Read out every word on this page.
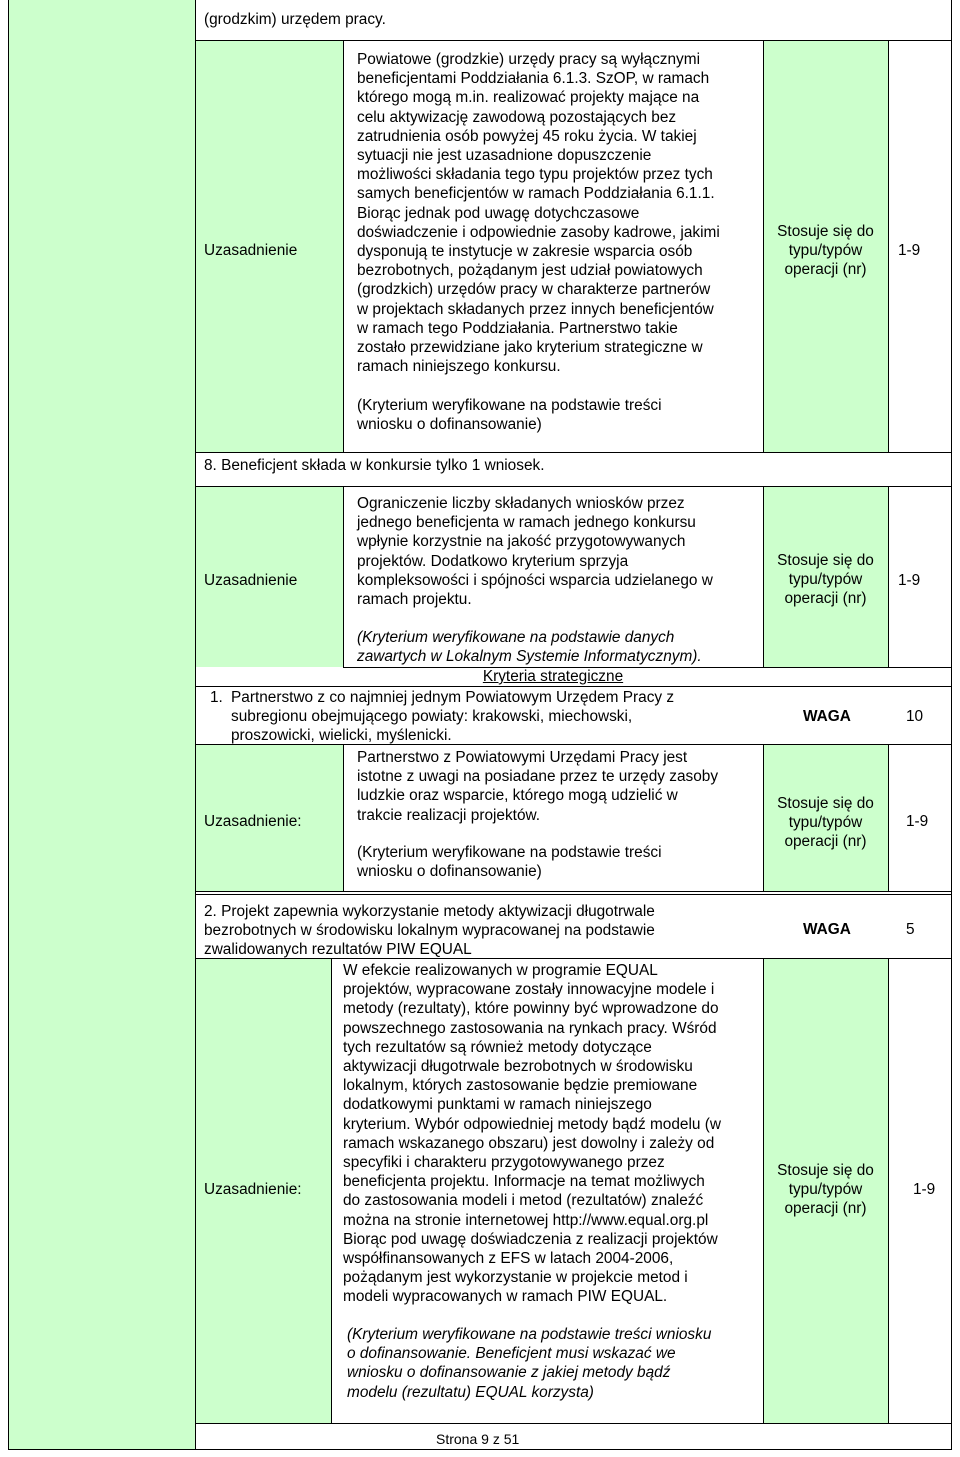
(grodzkim) urzędem pracy.
Uzasadnienie
Powiatowe (grodzkie) urzędy pracy są wyłącznymi
beneficjentami Poddziałania 6.1.3. SzOP, w ramach
którego mogą m.in. realizować projekty mające na
celu aktywizację zawodową pozostających bez
zatrudnienia osób powyżej 45 roku życia. W takiej
sytuacji nie jest uzasadnione dopuszczenie
możliwości składania tego typu projektów przez tych
samych beneficjentów w ramach Poddziałania 6.1.1.
Biorąc jednak pod uwagę dotychczasowe
doświadczenie i odpowiednie zasoby kadrowe, jakimi
dysponują te instytucje w zakresie wsparcia osób
bezrobotnych, pożądanym jest udział powiatowych
(grodzkich) urzędów pracy w charakterze partnerów
w projektach składanych przez innych beneficjentów
w ramach tego Poddziałania. Partnerstwo takie
zostało przewidziane jako kryterium strategiczne w
ramach niniejszego konkursu.
(Kryterium weryfikowane na podstawie treści
wniosku o dofinansowanie)
Stosuje się do
typu/typów
operacji (nr)
1-9
8. Beneficjent składa w konkursie tylko 1 wniosek.
Uzasadnienie
Ograniczenie liczby składanych wniosków przez
jednego beneficjenta w ramach jednego konkursu
wpłynie korzystnie na jakość przygotowywanych
projektów. Dodatkowo kryterium sprzyja
kompleksowości i spójności wsparcia udzielanego w
ramach projektu.
(Kryterium weryfikowane na podstawie danych
zawartych w Lokalnym Systemie Informatycznym).
Stosuje się do
typu/typów
operacji (nr)
1-9
Kryteria strategiczne
1. Partnerstwo z co najmniej jednym Powiatowym Urzędem Pracy z
subregionu obejmującego powiaty: krakowski, miechowski,
proszowicki, wielicki, myślenicki.
WAGA	10
Uzasadnienie:
Partnerstwo z Powiatowymi Urzędami Pracy jest
istotne z uwagi na posiadane przez te urzędy zasoby
ludzkie oraz wsparcie, którego mogą udzielić w
trakcie realizacji projektów.
(Kryterium weryfikowane na podstawie treści
wniosku o dofinansowanie)
Stosuje się do
typu/typów
operacji (nr)
1-9
2. Projekt zapewnia wykorzystanie metody aktywizacji długotrwale
bezrobotnych w środowisku lokalnym wypracowanej na podstawie
zwalidowanych rezultatów PIW EQUAL
WAGA	5
Uzasadnienie:
W efekcie realizowanych w programie EQUAL
projektów, wypracowane zostały innowacyjne modele i
metody (rezultaty), które powinny być wprowadzone do
powszechnego zastosowania na rynkach pracy. Wśród
tych rezultatów są również metody dotyczące
aktywizacji długotrwale bezrobotnych w środowisku
lokalnym, których zastosowanie będzie premiowane
dodatkowymi punktami w ramach niniejszego
kryterium. Wybór odpowiedniej metody bądź modelu (w
ramach wskazanego obszaru) jest dowolny i zależy od
specyfiki i charakteru przygotowywanego przez
beneficjenta projektu. Informacje na temat możliwych
do zastosowania modeli i metod (rezultatów) znaleźć
można na stronie internetowej http://www.equal.org.pl
Biorąc pod uwagę doświadczenia z realizacji projektów
współfinansowanych z EFS w latach 2004-2006,
pożądanym jest wykorzystanie w projekcie metod i
modeli wypracowanych w ramach PIW EQUAL.
(Kryterium weryfikowane na podstawie treści wniosku
o dofinansowanie. Beneficjent musi wskazać we
wniosku o dofinansowanie z jakiej metody bądź
modelu (rezultatu) EQUAL korzysta)
Stosuje się do
typu/typów
operacji (nr)
1-9
Strona 9 z 51
